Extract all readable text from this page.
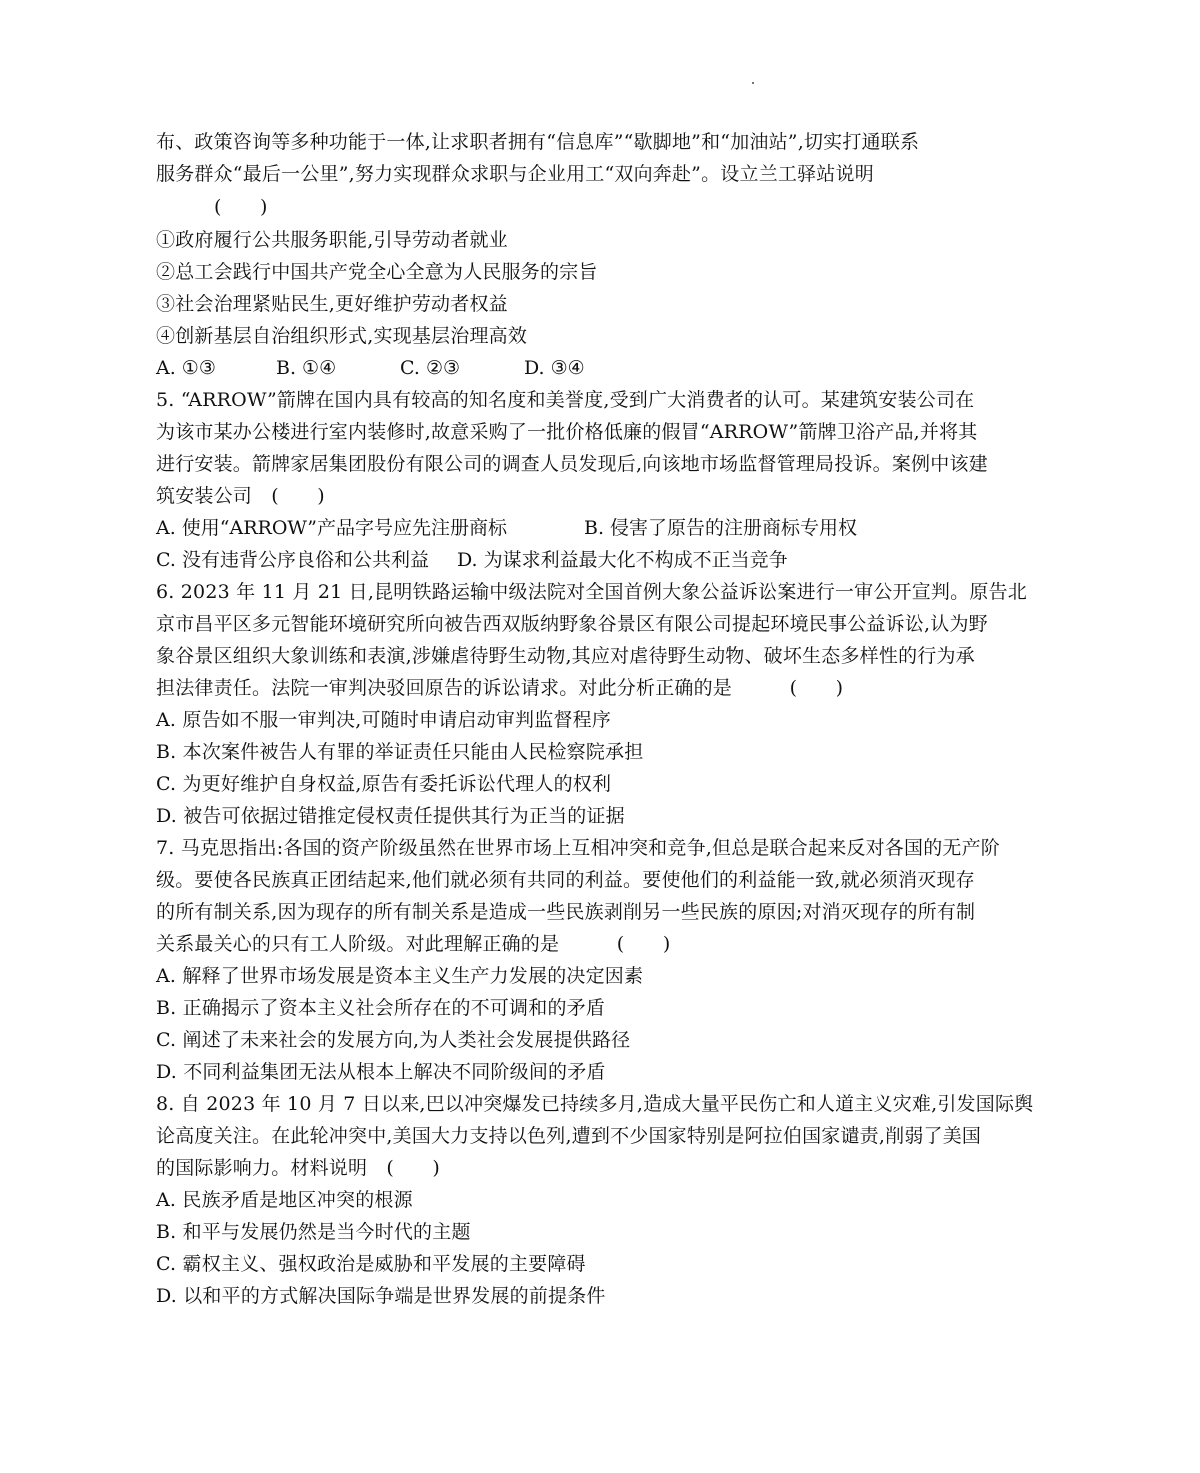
布、政策咨询等多种功能于一体,让求职者拥有“信息库”“歇脚地”和“加油站”,切实打通联系
服务群众“最后一公里”,努力实现群众求职与企业用工“双向奔赴”。设立兰工驿站说明
(　　)
①政府履行公共服务职能,引导劳动者就业
②总工会践行中国共产党全心全意为人民服务的宗旨
③社会治理紧贴民生,更好维护劳动者权益
④创新基层自治组织形式,实现基层治理高效
A. ①③	B. ①④	C. ②③	D. ③④
5. “ARROW”箭牌在国内具有较高的知名度和美誉度,受到广大消费者的认可。某建筑安装公司在
为该市某办公楼进行室内装修时,故意采购了一批价格低廉的假冒“ARROW”箭牌卫浴产品,并将其
进行安装。箭牌家居集团股份有限公司的调查人员发现后,向该地市场监督管理局投诉。案例中该建
筑安装公司　(　　)
A. 使用“ARROW”产品字号应先注册商标	B. 侵害了原告的注册商标专用权
C. 没有违背公序良俗和公共利益 D. 为谋求利益最大化不构成不正当竞争
6. 2023 年 11 月 21 日,昆明铁路运输中级法院对全国首例大象公益诉讼案进行一审公开宣判。原告北
京市昌平区多元智能环境研究所向被告西双版纳野象谷景区有限公司提起环境民事公益诉讼,认为野
象谷景区组织大象训练和表演,涉嫌虐待野生动物,其应对虐待野生动物、破坏生态多样性的行为承
担法律责任。法院一审判决驳回原告的诉讼请求。对此分析正确的是　　　(　　)
A. 原告如不服一审判决,可随时申请启动审判监督程序
B. 本次案件被告人有罪的举证责任只能由人民检察院承担
C. 为更好维护自身权益,原告有委托诉讼代理人的权利
D. 被告可依据过错推定侵权责任提供其行为正当的证据
7. 马克思指出:各国的资产阶级虽然在世界市场上互相冲突和竞争,但总是联合起来反对各国的无产阶
级。要使各民族真正团结起来,他们就必须有共同的利益。要使他们的利益能一致,就必须消灭现存
的所有制关系,因为现存的所有制关系是造成一些民族剥削另一些民族的原因;对消灭现存的所有制
关系最关心的只有工人阶级。对此理解正确的是　　　(　　)
A. 解释了世界市场发展是资本主义生产力发展的决定因素
B. 正确揭示了资本主义社会所存在的不可调和的矛盾
C. 阐述了未来社会的发展方向,为人类社会发展提供路径
D. 不同利益集团无法从根本上解决不同阶级间的矛盾
8. 自 2023 年 10 月 7 日以来,巴以冲突爆发已持续多月,造成大量平民伤亡和人道主义灾难,引发国际舆
论高度关注。在此轮冲突中,美国大力支持以色列,遭到不少国家特别是阿拉伯国家谴责,削弱了美国
的国际影响力。材料说明　(　　)
A. 民族矛盾是地区冲突的根源
B. 和平与发展仍然是当今时代的主题
C. 霸权主义、强权政治是威胁和平发展的主要障碍
D. 以和平的方式解决国际争端是世界发展的前提条件
